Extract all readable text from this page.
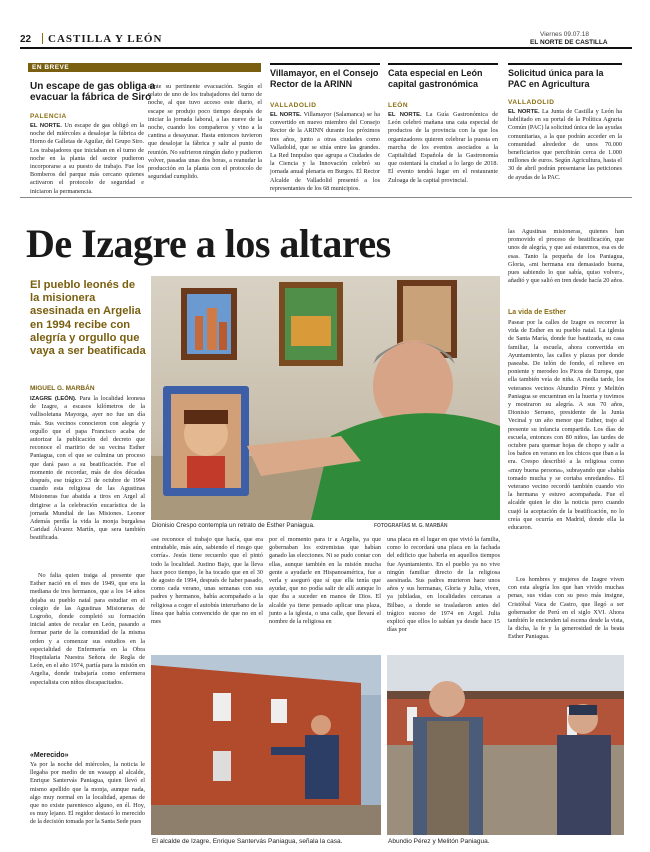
22 CASTILLA Y LEÓN	Viernes 09.07.18
EL NORTE DE CASTILLA
EN BREVE
Un escape de gas obliga a evacuar la fábrica de Siro
PALENCIA
EL NORTE. Un escape de gas obligó en la noche del miércoles a desalojar la fábrica de Horno de Galletas de Aguilar, del Grupo Siro. Los trabajadores que iniciaban en el turno de noche en la planta del sector pudieron incorporarse a su puesto de trabajo. Fue los Bomberos del parque más cercano quienes activaron el protocolo de seguridad e iniciaron la permanencia.
nente su pertinente evacuación. Según el relato de uno de los trabajadores del turno de noche, al que tuvo acceso este diario, el escape se produjo poco tiempo después de iniciar la jornada laboral, a las nueve de la noche, cuando los compañeros y vino a la cantina a desayunar. Hasta entonces tuvieron que desalojar la fábrica y salir al punto de reunión. No sufrieron ningún daño y pudieron volver, pasadas unas dos horas, a reanudar la producción en la planta con el protocolo de seguridad cumplido.
Villamayor, en el Consejo Rector de la ARINN
VALLADOLID
EL NORTE. Villamayor (Salamanca) se ha convertido en nuevo miembro del Consejo Rector de la ARINN durante los próximos tres años, junto a otras ciudades como Valladolid, que se sitúa entre las grandes. La Red Innpulso que agrupa a Ciudades de la Ciencia y la Innovación celebró su jornada anual plenaria en Burgos. El Rector Alcalde de Valladolid presentó a los representantes de los 68 municipios.
Cata especial en León capital gastronómica
LEÓN
EL NORTE. La Guía Gastronómica de León celebró mañana una cata especial de productos de la provincia con la que los organizadores quieren celebrar la puesta en marcha de los eventos asociados a la Capitalidad Española de la Gastronomía que ostentará la ciudad a lo largo de 2018. El evento tendrá lugar en el restaurante Zuloaga de la capital provincial.
Solicitud única para la PAC en Agricultura
VALLADOLID
EL NORTE. La Junta de Castilla y León ha habilitado en su portal de la Política Agraria Común (PAC) la solicitud única de las ayudas comunitarias, a la que podrán acceder en la comunidad alrededor de unos 70.000 beneficiarios que percibirán cerca de 1.000 millones de euros. Según Agricultura, hasta el 30 de abril podrán presentarse las peticiones de ayudas de la PAC.
De Izagre a los altares
El pueblo leonés de la misionera asesinada en Argelia en 1994 recibe con alegría y orgullo que vaya a ser beatificada
MIGUEL G. MARBÁN
IZAGRE (LEÓN). Para la localidad leonesa de Izagre, a escasos kilómetros de la vallisoletana Mayorga, ayer no fue un día más. Sus vecinos conocieron con alegría y orgullo que el papa Francisco acaba de autorizar la publicación del decreto que reconoce el martirio de su vecina Esther Paniagua, con el que se culmina un proceso que dará paso a su beatificación. Fue el momento de recordar, más de dos décadas después, ese trágico 23 de octubre de 1994 cuando esta religiosa de las Agustinas Misioneras fue abatida a tiros en Argel al dirigirse a la celebración eucarística de la jornada Mundial de las Misiones. Leonor Además perdía la vida la monja burgalesa Caridad Álvarez Martín, que sera también beatificada.
No falta quien traiga al presente que Esther nació en el mes de 1949, que era la mediana de tres hermanos, que a los 14 años dejaba su pueblo natal para estudiar en el colegio de las Agustinas Misioneras de Logroño, donde completó su formación inicial antes de recalar en León, pasando a formar parte de la comunidad de la misma orden y a comenzar sus estudios en la especialidad de Enfermería en la Obra Hospitalaria Nuestra Señora de Regla de León, en el año 1974, partía para la misión en Argelia, donde trabajaría como enfermera especialista con niños discapacitados.
«Merecido»
Ya por la noche del miércoles, la noticia le llegaba por medio de un wasapp al alcalde, Enrique Santervás Paniagua, quien llevó el mismo apellido que la monja, aunque nada, algo muy normal en la localidad, apenas de que no existe parentesco alguno, en él. Hoy, es muy lejano. El regidor destacó lo merecido de la decisión tomada por la Santa Sede pues
Dionisio Crespo contempla un retrato de Esther Paniagua.	FOTOGRAFÍAS M. G. MARBÁN
«se reconoce el trabajo que hacía, que era entrañable, más aún, sabiendo el riesgo que corría». Jesús tiene recuerdo que el pintó todo la localidad. Justino Bajo, que la lleva hace poco tiempo, le ha tocado que en el 30 de agosto de 1994, después de haber pasado, como cada verano, unas semanas con sus padres y hermanos, había acompañado a la religiosa a coger el autobús interurbano de la línea que había convencido de que no en el mes
por el momento para ir a Argelia, ya que gobernaban los extremistas que habían ganado las elecciones. Ni se pudo contar con ellas, aunque también en la misión mucha gente a ayudarle en Hispanoamérica, fue a verla y aseguró que sí que ella tenía que ayudar, que no podía salir de allí aunque lo que iba a suceder en manos de Dios. El alcalde ya tiene pensado aplicar una plaza, junto a la iglesia, o una calle, que llevará el nombre de la religiosa en
una placa en el lugar en que vivió la familia, como lo recordará una placa en la fachada del edificio que haberla en aquellos tiempos fue Ayuntamiento. En el pueblo ya no vive ningún familiar directo de la religiosa asesinada. Sus padres murieron hace unos años y sus hermanas, Gloria y Julia, viven, ya jubiladas, en localidades cercanas a Bilbao, a donde se trasladaron antes del trágico suceso de 1974 en Argel. Julia explicó que ellos lo sabían ya desde hace 15 días por
las Agustinas misioneras, quienes han promovido el proceso de beatificación, que unos de alegría, y que así estaremos, esa es de esas. Tanto la pequeña de los Paniagua, Gloria, «mi hermana era demasiado buena, pues sabiendo lo que sabía, quiso volver», añadió y que salió en tren desde hacía 20 años.
La vida de Esther
Pasear por la calles de Izagre es recorrer la vida de Esther en su pueblo natal. La iglesia de Santa María, donde fue bautizada, su casa familiar, la escuela, ahora convertida en Ayuntamiento, las calles y plazas por donde paseaba. De telón de fondo, el relieve en poniente y merodeo los Picos de Europa, que ella también veía de niña. A media tarde, los veteranos vecinos Abundio Pérez y Melitón Paniagua se encuentran en la huerta y tuvimos y mostraron su alegría. A sus 70 años, Dionisio Serrano, presidente de la Junta Vecinal y un año menor que Esther, trajo al presente su infancia compartida. Los días de escuela, entonces con 80 niños, las tardes de octubre para quemar hojas de chopo y salir a los baños en verano en los chicos que iban a la era. Crespo describió a la religiosa como «muy buena persona», subrayando que «había tomado mucha y se cortaba enredando». El veterano vecino recordó también cuando vio la hermana y estuvo acompañada. Fue el alcalde quien le dio la noticia pero cuando cuajó la aceptación de la beatificación, no lo creía que ocurría en Madrid, donde ella la educaron.
Los hombres y mujeres de Izagre viven con esta alegría los que han vivido muchas penas, sus vidas con su peso más insigne, Cristóbal Vaca de Castro, que llegó a ser gobernador de Perú en el siglo XVI. Ahora también le encienden tal escena desde la vista, la dicha, la fe y la generosidad de la beata Esther Paniagua.
El alcalde de Izagre, Enrique Santervás Paniagua, señala la casa.	Abundio Pérez y Melitón Paniagua.
